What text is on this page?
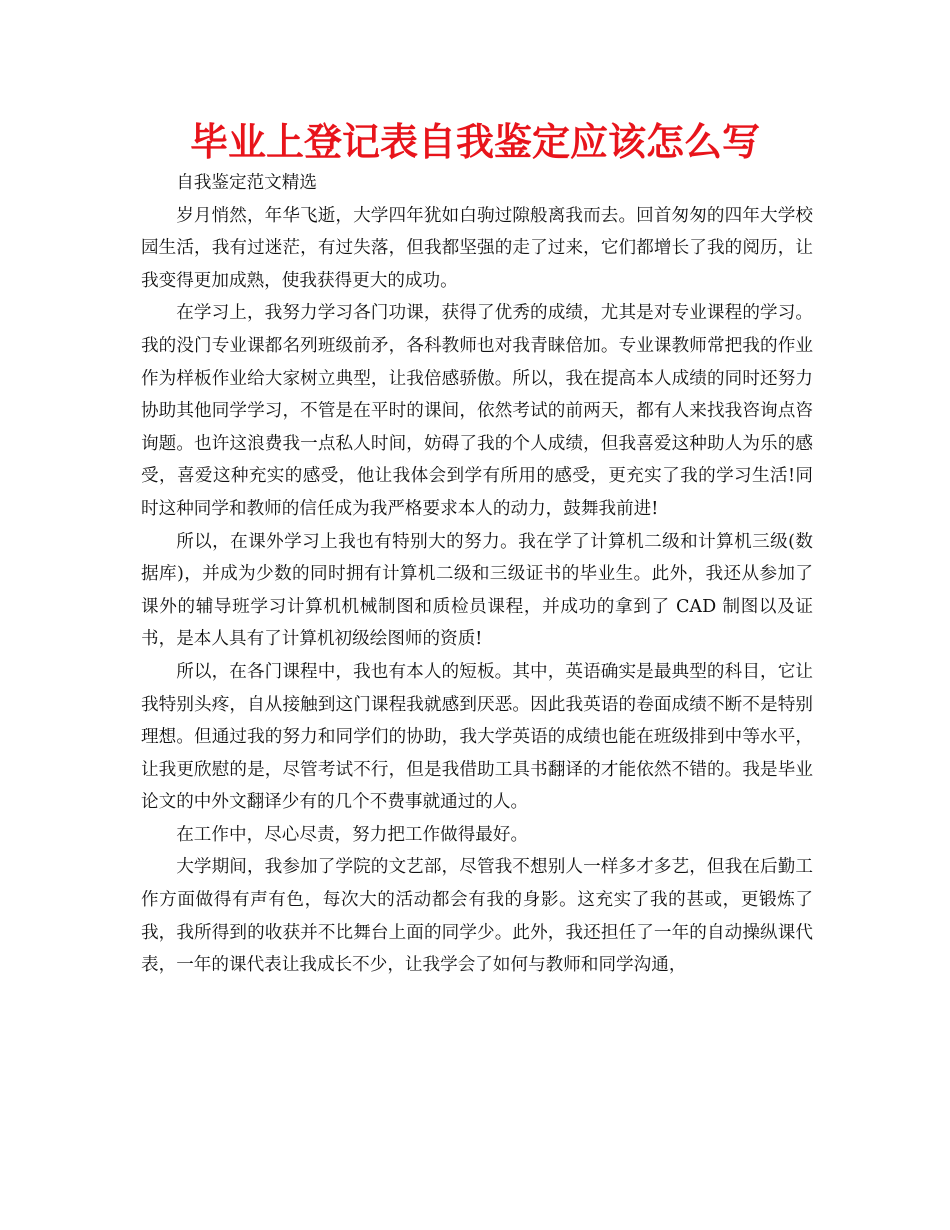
毕业上登记表自我鉴定应该怎么写

自我鉴定范文精选

岁月悄然，年华飞逝，大学四年犹如白驹过隙般离我而去。回首匆匆的四年大学校园生活，我有过迷茫，有过失落，但我都坚强的走了过来，它们都增长了我的阅历，让我变得更加成熟，使我获得更大的成功。

在学习上，我努力学习各门功课，获得了优秀的成绩，尤其是对专业课程的学习。我的没门专业课都名列班级前矛，各科教师也对我青睐倍加。专业课教师常把我的作业作为样板作业给大家树立典型，让我倍感骄傲。所以，我在提高本人成绩的同时还努力协助其他同学学习，不管是在平时的课间，依然考试的前两天，都有人来找我咨询点咨询题。也许这浪费我一点私人时间，妨碍了我的个人成绩，但我喜爱这种助人为乐的感受，喜爱这种充实的感受，他让我体会到学有所用的感受，更充实了我的学习生活!同时这种同学和教师的信任成为我严格要求本人的动力，鼓舞我前进!

所以，在课外学习上我也有特别大的努力。我在学了计算机二级和计算机三级(数据库)，并成为少数的同时拥有计算机二级和三级证书的毕业生。此外，我还从参加了课外的辅导班学习计算机机械制图和质检员课程，并成功的拿到了 CAD 制图以及证书，是本人具有了计算机初级绘图师的资质!

所以，在各门课程中，我也有本人的短板。其中，英语确实是最典型的科目，它让我特别头疼，自从接触到这门课程我就感到厌恶。因此我英语的卷面成绩不断不是特别理想。但通过我的努力和同学们的协助，我大学英语的成绩也能在班级排到中等水平，让我更欣慰的是，尽管考试不行，但是我借助工具书翻译的才能依然不错的。我是毕业论文的中外文翻译少有的几个不费事就通过的人。

在工作中，尽心尽责，努力把工作做得最好。

大学期间，我参加了学院的文艺部，尽管我不想别人一样多才多艺，但我在后勤工作方面做得有声有色，每次大的活动都会有我的身影。这充实了我的甚或，更锻炼了我，我所得到的收获并不比舞台上面的同学少。此外，我还担任了一年的自动操纵课代表，一年的课代表让我成长不少，让我学会了如何与教师和同学沟通，
